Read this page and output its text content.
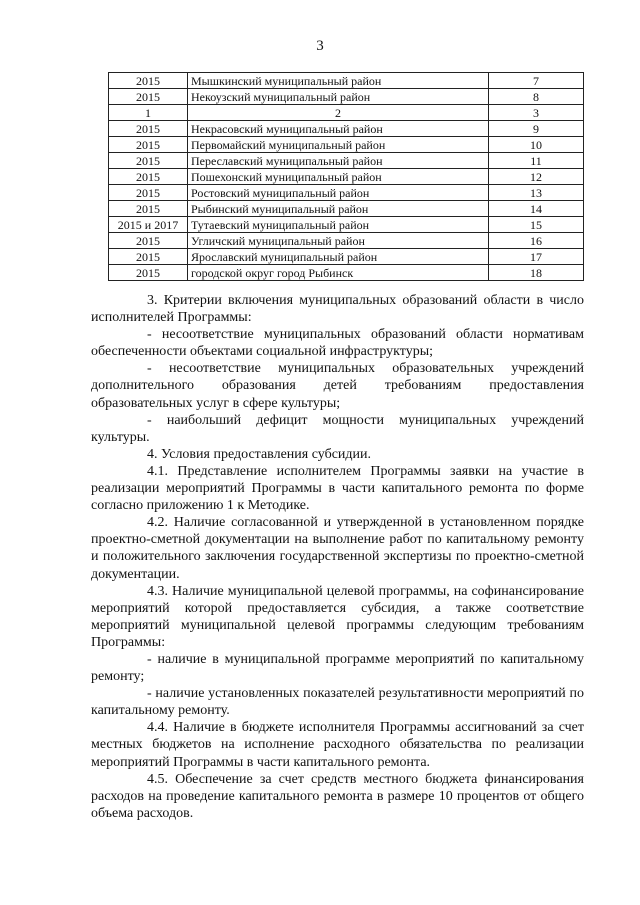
3
2015	Мышкинский муниципальный район	7
2015	Некоузский муниципальный район	8
1	2	3
2015	Некрасовский муниципальный район	9
2015	Первомайский муниципальный район	10
2015	Переславский муниципальный район	11
2015	Пошехонский муниципальный район	12
2015	Ростовский муниципальный район	13
2015	Рыбинский муниципальный район	14
2015 и 2017	Тутаевский муниципальный район	15
2015	Угличский муниципальный район	16
2015	Ярославский муниципальный район	17
2015	городской округ город Рыбинск	18

3. Критерии включения муниципальных образований области в число исполнителей Программы:

- несоответствие муниципальных образований области нормативам обеспеченности объектами социальной инфраструктуры;

- несоответствие муниципальных образовательных учреждений дополнительного образования детей требованиям предоставления образовательных услуг в сфере культуры;

- наибольший дефицит мощности муниципальных учреждений культуры.

4. Условия предоставления субсидии.

4.1. Представление исполнителем Программы заявки на участие в реализации мероприятий Программы в части капитального ремонта по форме согласно приложению 1 к Методике.

4.2. Наличие согласованной и утвержденной в установленном порядке проектно-сметной документации на выполнение работ по капитальному ремонту и положительного заключения государственной экспертизы по проектно-сметной документации.

4.3. Наличие муниципальной целевой программы, на софинансирование мероприятий которой предоставляется субсидия, а также соответствие мероприятий муниципальной целевой программы следующим требованиям Программы:

- наличие в муниципальной программе мероприятий по капитальному ремонту;

- наличие установленных показателей результативности мероприятий по капитальному ремонту.

4.4. Наличие в бюджете исполнителя Программы ассигнований за счет местных бюджетов на исполнение расходного обязательства по реализации мероприятий Программы в части капитального ремонта.

4.5. Обеспечение за счет средств местного бюджета финансирования расходов на проведение капитального ремонта в размере 10 процентов от общего объема расходов.
